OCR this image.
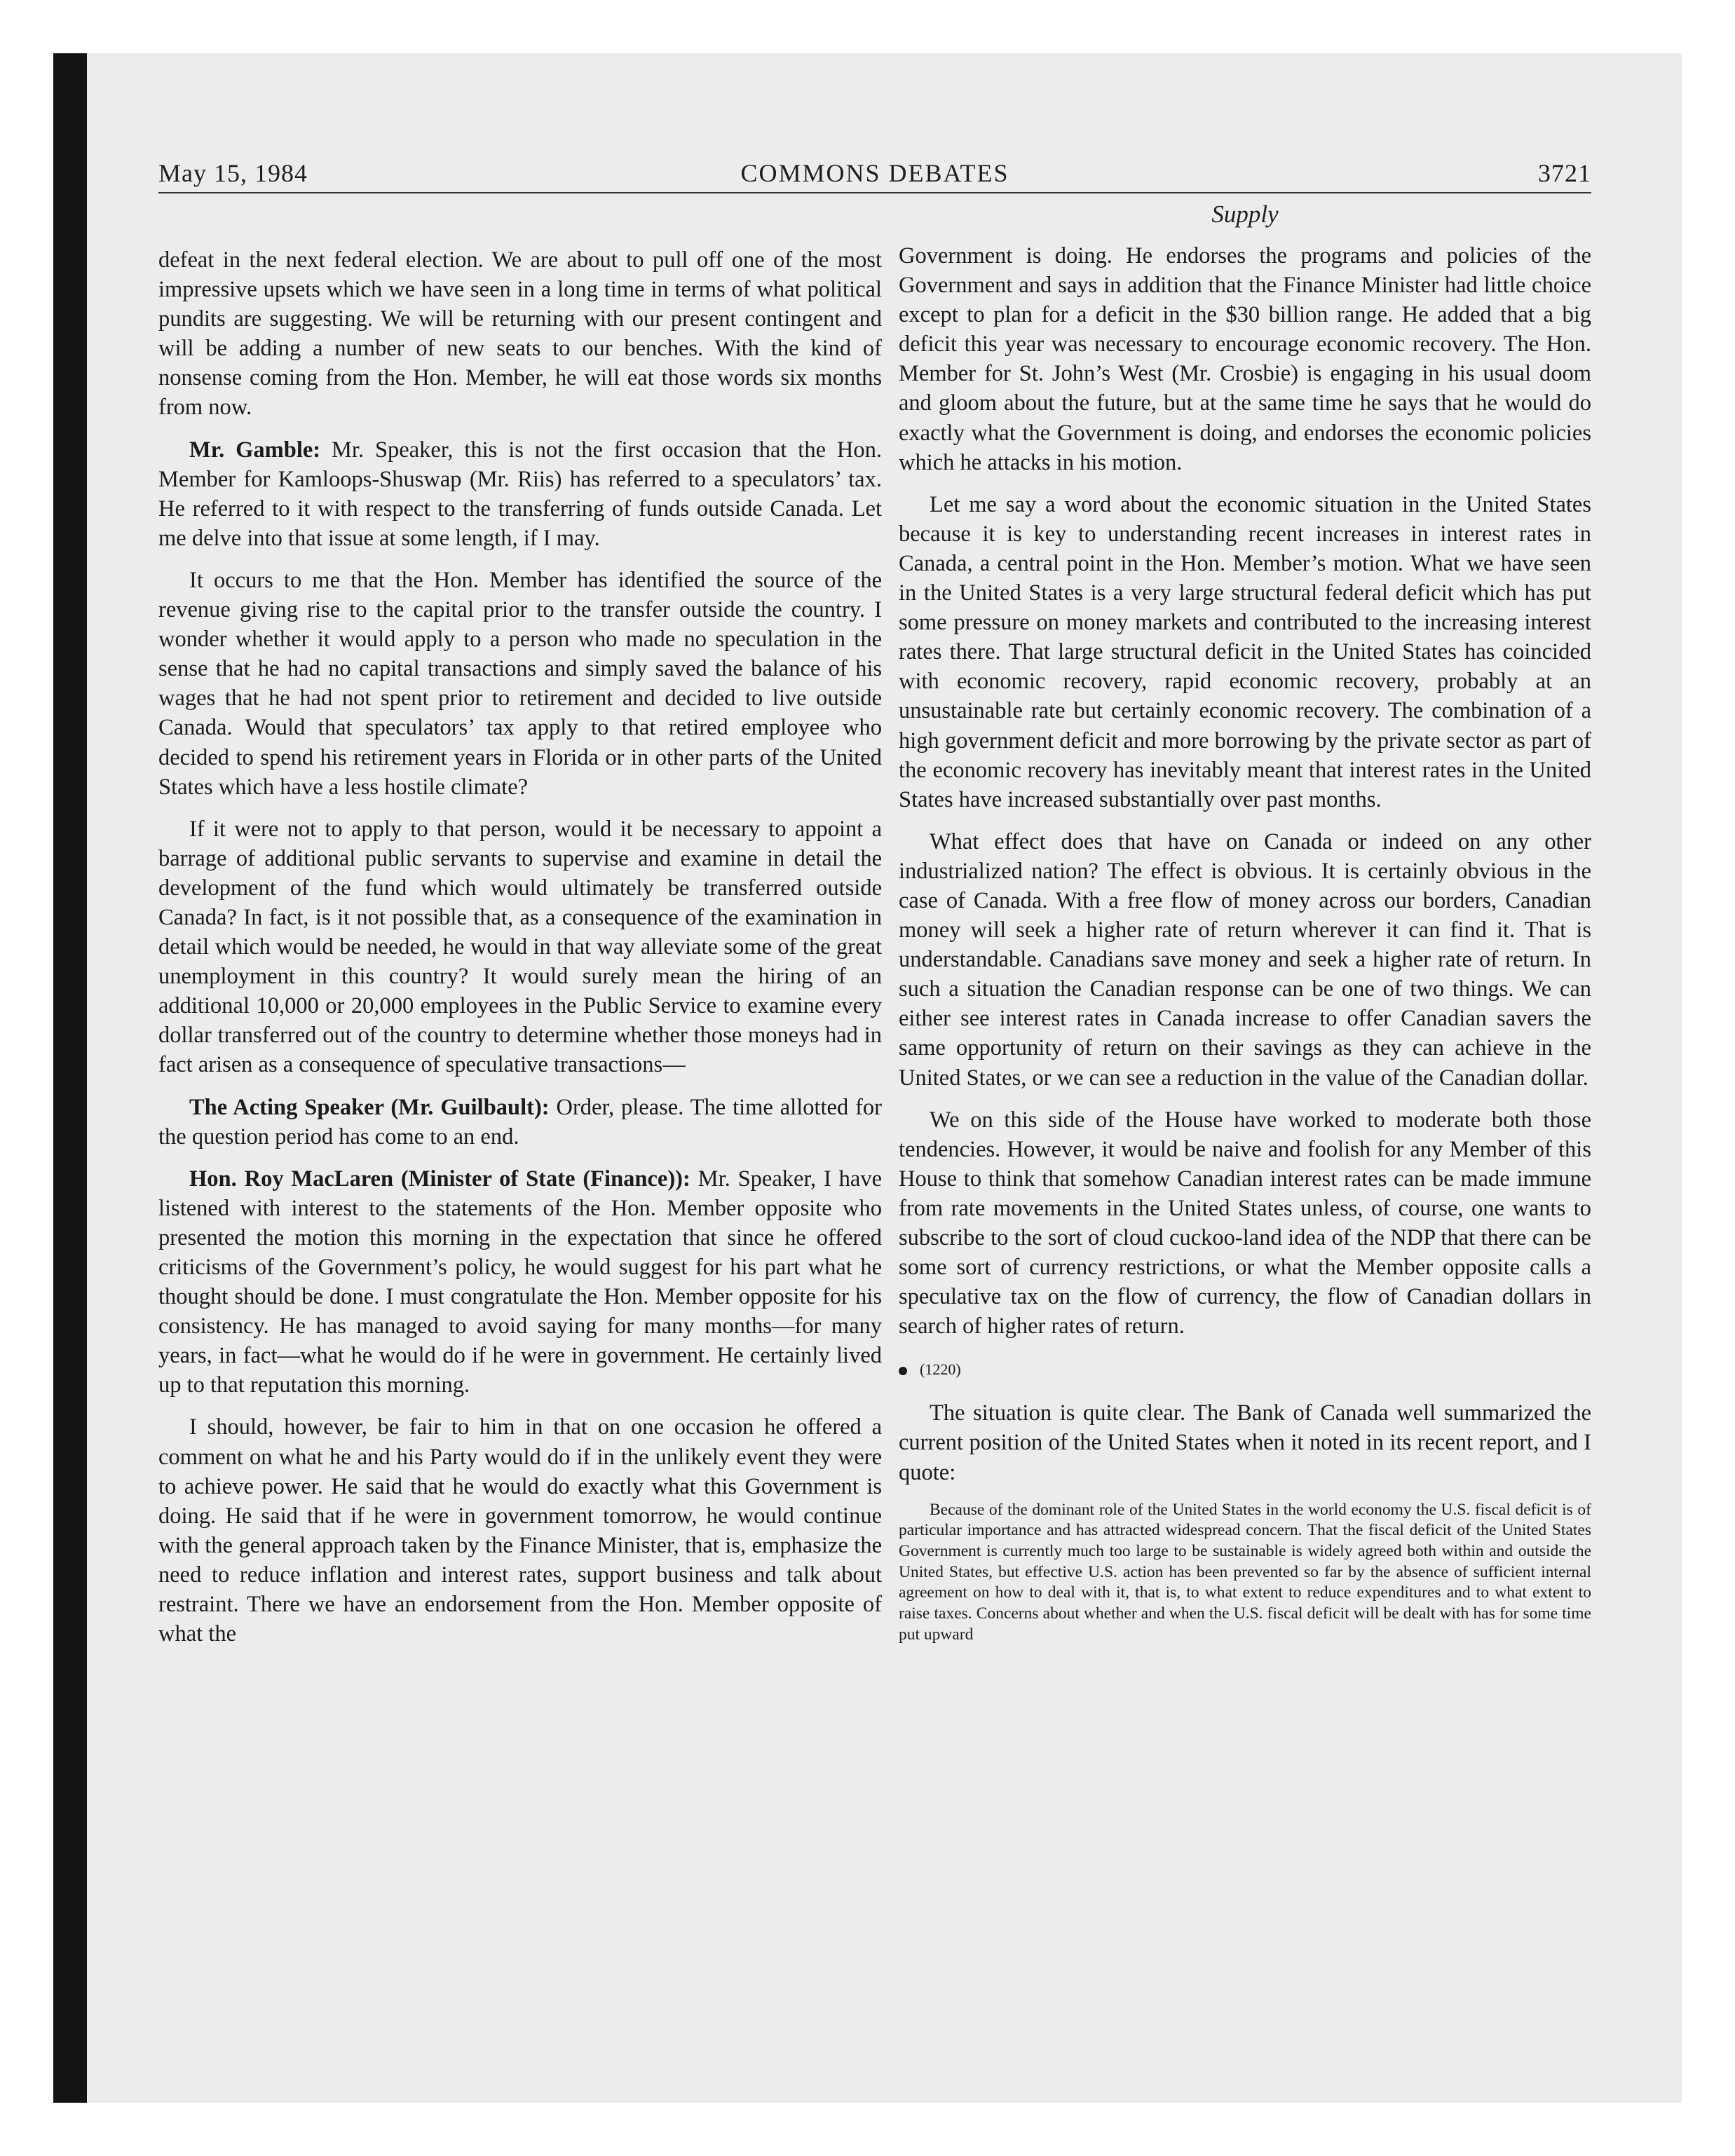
May 15, 1984	COMMONS DEBATES	3721
Supply

defeat in the next federal election. We are about to pull off one of the most impressive upsets which we have seen in a long time in terms of what political pundits are suggesting. We will be returning with our present contingent and will be adding a number of new seats to our benches. With the kind of nonsense coming from the Hon. Member, he will eat those words six months from now.

Mr. Gamble: Mr. Speaker, this is not the first occasion that the Hon. Member for Kamloops-Shuswap (Mr. Riis) has referred to a speculators’ tax. He referred to it with respect to the transferring of funds outside Canada. Let me delve into that issue at some length, if I may.

It occurs to me that the Hon. Member has identified the source of the revenue giving rise to the capital prior to the transfer outside the country. I wonder whether it would apply to a person who made no speculation in the sense that he had no capital transactions and simply saved the balance of his wages that he had not spent prior to retirement and decided to live outside Canada. Would that speculators’ tax apply to that retired employee who decided to spend his retirement years in Florida or in other parts of the United States which have a less hostile climate?

If it were not to apply to that person, would it be necessary to appoint a barrage of additional public servants to supervise and examine in detail the development of the fund which would ultimately be transferred outside Canada? In fact, is it not possible that, as a consequence of the examination in detail which would be needed, he would in that way alleviate some of the great unemployment in this country? It would surely mean the hiring of an additional 10,000 or 20,000 employees in the Public Service to examine every dollar transferred out of the country to determine whether those moneys had in fact arisen as a consequence of speculative transactions—

The Acting Speaker (Mr. Guilbault): Order, please. The time allotted for the question period has come to an end.

Hon. Roy MacLaren (Minister of State (Finance)): Mr. Speaker, I have listened with interest to the statements of the Hon. Member opposite who presented the motion this morning in the expectation that since he offered criticisms of the Government’s policy, he would suggest for his part what he thought should be done. I must congratulate the Hon. Member opposite for his consistency. He has managed to avoid saying for many months—for many years, in fact—what he would do if he were in government. He certainly lived up to that reputation this morning.

I should, however, be fair to him in that on one occasion he offered a comment on what he and his Party would do if in the unlikely event they were to achieve power. He said that he would do exactly what this Government is doing. He said that if he were in government tomorrow, he would continue with the general approach taken by the Finance Minister, that is, emphasize the need to reduce inflation and interest rates, support business and talk about restraint. There we have an endorsement from the Hon. Member opposite of what the

Government is doing. He endorses the programs and policies of the Government and says in addition that the Finance Minister had little choice except to plan for a deficit in the $30 billion range. He added that a big deficit this year was necessary to encourage economic recovery. The Hon. Member for St. John’s West (Mr. Crosbie) is engaging in his usual doom and gloom about the future, but at the same time he says that he would do exactly what the Government is doing, and endorses the economic policies which he attacks in his motion.

Let me say a word about the economic situation in the United States because it is key to understanding recent increases in interest rates in Canada, a central point in the Hon. Member’s motion. What we have seen in the United States is a very large structural federal deficit which has put some pressure on money markets and contributed to the increasing interest rates there. That large structural deficit in the United States has coincided with economic recovery, rapid economic recovery, probably at an unsustainable rate but certainly economic recovery. The combination of a high government deficit and more borrowing by the private sector as part of the economic recovery has inevitably meant that interest rates in the United States have increased substantially over past months.

What effect does that have on Canada or indeed on any other industrialized nation? The effect is obvious. It is certainly obvious in the case of Canada. With a free flow of money across our borders, Canadian money will seek a higher rate of return wherever it can find it. That is understandable. Canadians save money and seek a higher rate of return. In such a situation the Canadian response can be one of two things. We can either see interest rates in Canada increase to offer Canadian savers the same opportunity of return on their savings as they can achieve in the United States, or we can see a reduction in the value of the Canadian dollar.

We on this side of the House have worked to moderate both those tendencies. However, it would be naive and foolish for any Member of this House to think that somehow Canadian interest rates can be made immune from rate movements in the United States unless, of course, one wants to subscribe to the sort of cloud cuckoo-land idea of the NDP that there can be some sort of currency restrictions, or what the Member opposite calls a speculative tax on the flow of currency, the flow of Canadian dollars in search of higher rates of return.

(1220)

The situation is quite clear. The Bank of Canada well summarized the current position of the United States when it noted in its recent report, and I quote:

Because of the dominant role of the United States in the world economy the U.S. fiscal deficit is of particular importance and has attracted widespread concern. That the fiscal deficit of the United States Government is currently much too large to be sustainable is widely agreed both within and outside the United States, but effective U.S. action has been prevented so far by the absence of sufficient internal agreement on how to deal with it, that is, to what extent to reduce expenditures and to what extent to raise taxes. Concerns about whether and when the U.S. fiscal deficit will be dealt with has for some time put upward
